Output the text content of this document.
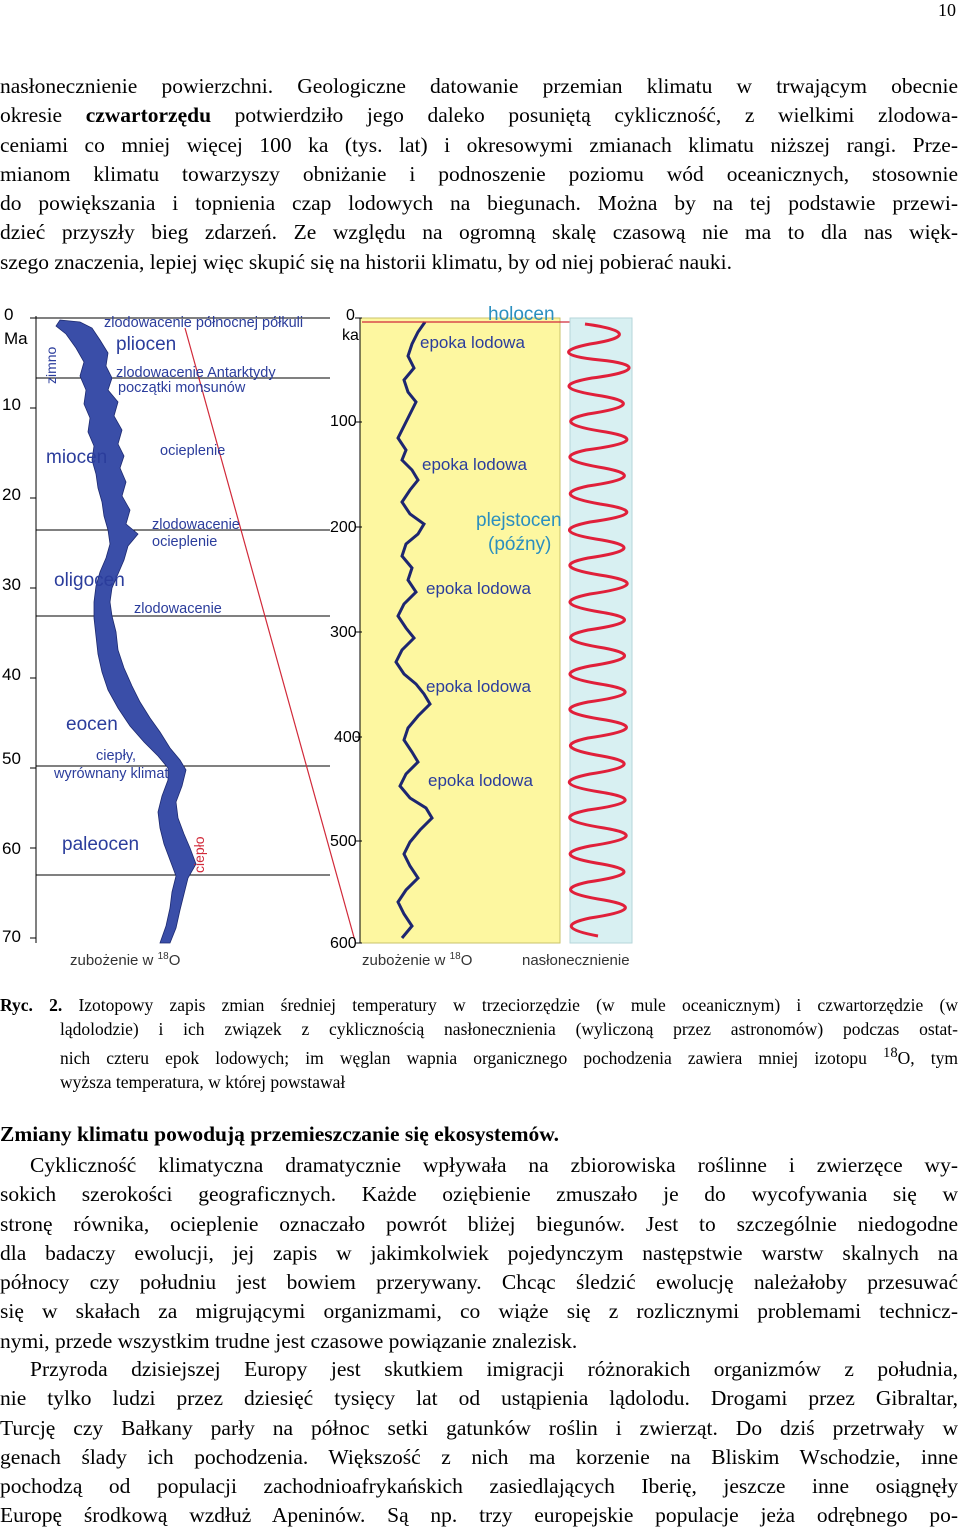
10

nasłonecznienie powierzchni. Geologiczne datowanie przemian klimatu w trwającym obecnie
okresie czwartorzędu potwierdziło jego daleko posuniętą cykliczność, z wielkimi zlodowa-
ceniami co mniej więcej 100 ka (tys. lat) i okresowymi zmianach klimatu niższej rangi. Prze-
mianom klimatu towarzyszy obniżanie i podnoszenie poziomu wód oceanicznych, stosownie
do powiększania i topnienia czap lodowych na biegunach. Można by na tej podstawie przewi-
dzieć przyszły bieg zdarzeń. Ze względu na ogromną skalę czasową nie ma to dla nas więk-
szego znaczenia, lepiej więc skupić się na historii klimatu, by od niej pobierać nauki.

0
Ma
10
20
30
40
50
60
70
zimno
ciepło
pliocen
miocen
oligocen
eocen
paleocen
zlodowacenie północnej półkuli
zlodowacenie Antarktydy
początki monsunów
ocieplenie
zlodowacenie
ocieplenie
zlodowacenie
ciepły,
wyrównany klimat
zubożenie w $^{18}$O
0
ka
100
200
300
400
500
600
holocen
epoka lodowa
epoka lodowa
plejstocen
(późny)
epoka lodowa
epoka lodowa
epoka lodowa
zubożenie w $^{18}$O	nasłonecznienie

Ryc. 2. Izotopowy zapis zmian średniej temperatury w trzeciorzędzie (w mule oceanicznym) i czwartorzędzie (w
lądolodzie) i ich związek z cyklicznością nasłonecznienia (wyliczoną przez astronomów) podczas ostat-
nich czteru epok lodowych; im węglan wapnia organicznego pochodzenia zawiera mniej izotopu $^{18}$O, tym
wyższa temperatura, w której powstawał

Zmiany klimatu powodują przemieszczanie się ekosystemów.

Cykliczność klimatyczna dramatycznie wpływała na zbiorowiska roślinne i zwierzęce wy-
sokich szerokości geograficznych. Każde oziębienie zmuszało je do wycofywania się w
stronę równika, ocieplenie oznaczało powrót bliżej biegunów. Jest to szczególnie niedogodne
dla badaczy ewolucji, jej zapis w jakimkolwiek pojedynczym następstwie warstw skalnych na
północy czy południu jest bowiem przerywany. Chcąc śledzić ewolucję należałoby przesuwać
się w skałach za migrującymi organizmami, co wiąże się z rozlicznymi problemami technicz-
nymi, przede wszystkim trudne jest czasowe powiązanie znalezisk.

Przyroda dzisiejszej Europy jest skutkiem imigracji różnorakich organizmów z południa,
nie tylko ludzi przez dziesięć tysięcy lat od ustąpienia lądolodu. Drogami przez Gibraltar,
Turcję czy Bałkany parły na północ setki gatunków roślin i zwierząt. Do dziś przetrwały w
genach ślady ich pochodzenia. Większość z nich ma korzenie na Bliskim Wschodzie, inne
pochodzą od populacji zachodnioafrykańskich zasiedlających Iberię, jeszcze inne osiągnęły
Europę środkową wzdłuż Apeninów. Są np. trzy europejskie populacje jeża odrębnego po-
